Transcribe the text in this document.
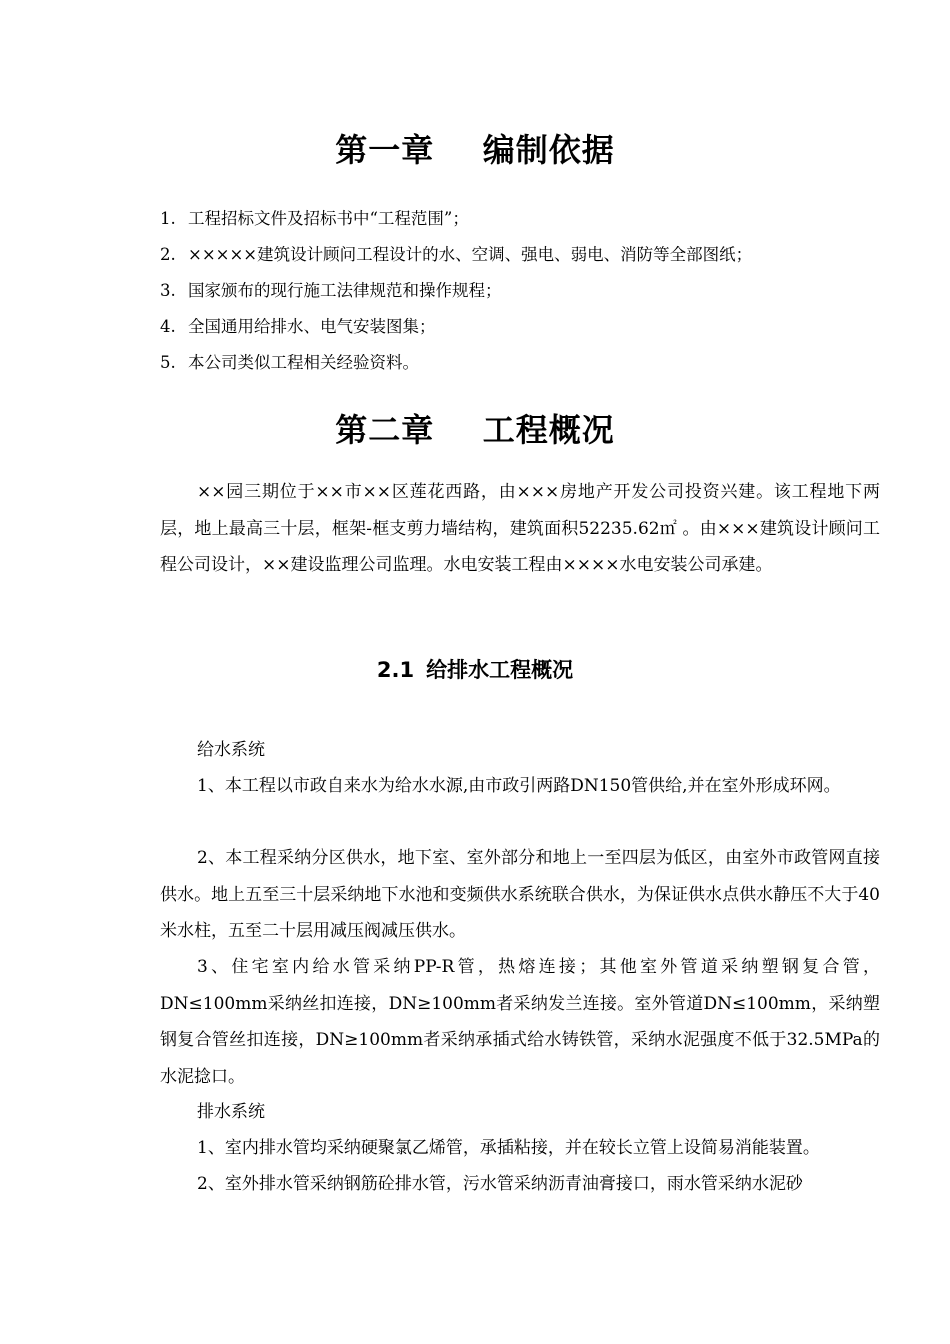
第一章    编制依据
1. 工程招标文件及招标书中“工程范围”；
2. ×××××建筑设计顾问工程设计的水、空调、强电、弱电、消防等全部图纸；
3. 国家颁布的现行施工法律规范和操作规程；
4. 全国通用给排水、电气安装图集；
5. 本公司类似工程相关经验资料。
第二章    工程概况

××园三期位于××市××区莲花西路，由×××房地产开发公司投资兴建。该工程地下两层，地上最高三十层，框架-框支剪力墙结构，建筑面积52235.62㎡ 。由×××建筑设计顾问工程公司设计，××建设监理公司监理。水电安装工程由××××水电安装公司承建。

2.1 给排水工程概况

给水系统

1、本工程以市政自来水为给水水源,由市政引两路DN150管供给,并在室外形成环网。

2、本工程采纳分区供水，地下室、室外部分和地上一至四层为低区，由室外市政管网直接供水。地上五至三十层采纳地下水池和变频供水系统联合供水，为保证供水点供水静压不大于40米水柱，五至二十层用减压阀减压供水。

3、住宅室内给水管采纳PP-R管，热熔连接；其他室外管道采纳塑钢复合管，DN≤100mm采纳丝扣连接，DN≥100mm者采纳发兰连接。室外管道DN≤100mm，采纳塑钢复合管丝扣连接，DN≥100mm者采纳承插式给水铸铁管，采纳水泥强度不低于32.5MPa的水泥捻口。

排水系统

1、室内排水管均采纳硬聚氯乙烯管，承插粘接，并在较长立管上设简易消能装置。

2、室外排水管采纳钢筋砼排水管，污水管采纳沥青油膏接口，雨水管采纳水泥砂
